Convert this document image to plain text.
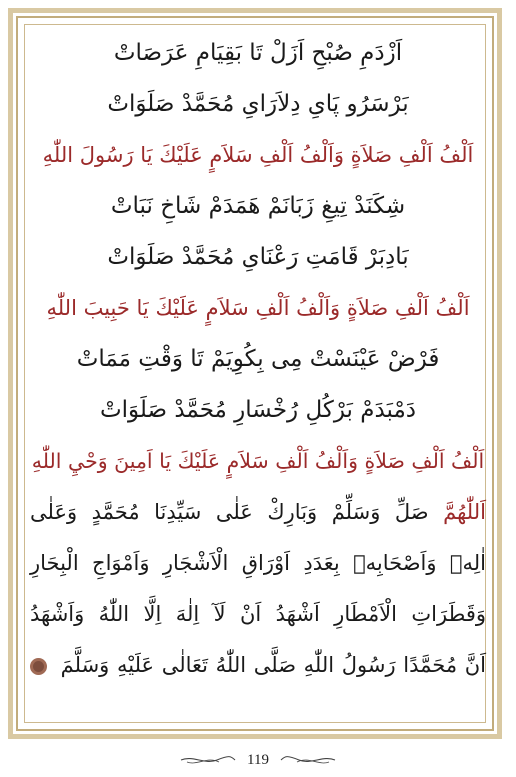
اَزْدَمِ صُبْحِ اَزَلْ تَا بَقِيَامِ عَرَصَاتْ
بَرْسَرُو پَاىِ دِلاَرَاىِ مُحَمَّدْ صَلَوَاتْ
اَلْفُ اَلْفِ صَلاَةٍ وَاَلْفُ اَلْفِ سَلاَمٍ عَلَيْكَ يَا رَسُولَ اللّٰهِ
شِكَنَدْ تِيغِ زَبَانَمْ هَمَدَمْ شَاخِ نَبَاتْ
بَادِبَرْ قَامَتِ رَعْنَاىِ مُحَمَّدْ صَلَوَاتْ
اَلْفُ اَلْفِ صَلاَةٍ وَاَلْفُ اَلْفِ سَلاَمٍ عَلَيْكَ يَا حَبِيبَ اللّٰهِ
فَرْضْ عَيْنَسْتْ مِى بِكُوِيَمْ تَا وَقْتِ مَمَاتْ
دَمْبَدَمْ بَرْكُلِ رُخْسَارِ مُحَمَّدْ صَلَوَاتْ
اَلْفُ اَلْفِ صَلاَةٍ وَاَلْفُ اَلْفِ سَلاَمٍ عَلَيْكَ يَا اَمِينَ وَحْيِ اللّٰهِ
اَللّٰهُمَّ صَلِّ وَسَلِّمْ وَبَارِكْ عَلٰى سَيِّدِنَا مُحَمَّدٍ وَعَلٰى
اٰلِهٖ وَاَصْحَابِهٖ بِعَدَدِ اَوْرَاقِ الْاَشْجَارِ وَاَمْوَاجِ الْبِحَارِ
وَقَطَرَاتِ الْاَمْطَارِ اَشْهَدُ اَنْ لَآ اِلٰهَ اِلَّا اللّٰهُ وَاَشْهَدُ
اَنَّ مُحَمَّدًا رَسُولُ اللّٰهِ صَلَّى اللّٰهُ تَعَالٰى عَلَيْهِ وَسَلَّمَ
119
